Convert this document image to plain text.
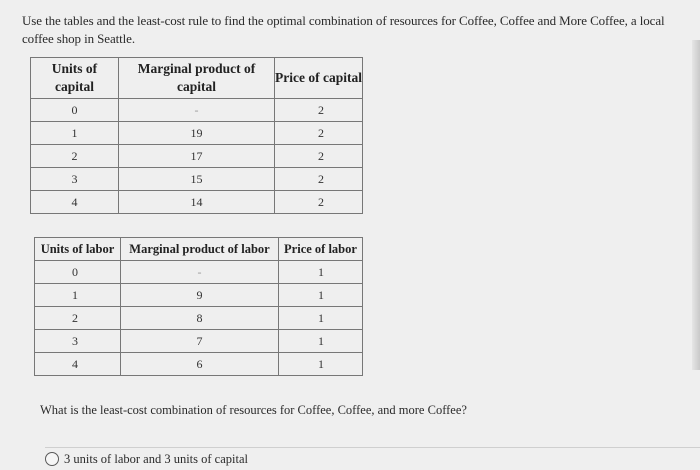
Use the tables and the least-cost rule to find the optimal combination of resources for Coffee, Coffee and More Coffee, a local coffee shop in Seattle.
Units of capital	Marginal product of capital	Price of capital
0	-	2
1	19	2
2	17	2
3	15	2
4	14	2
Units of labor	Marginal product of labor	Price of labor
0	-	1
1	9	1
2	8	1
3	7	1
4	6	1
What is the least-cost combination of resources for Coffee, Coffee, and more Coffee?
3 units of labor and 3 units of capital
